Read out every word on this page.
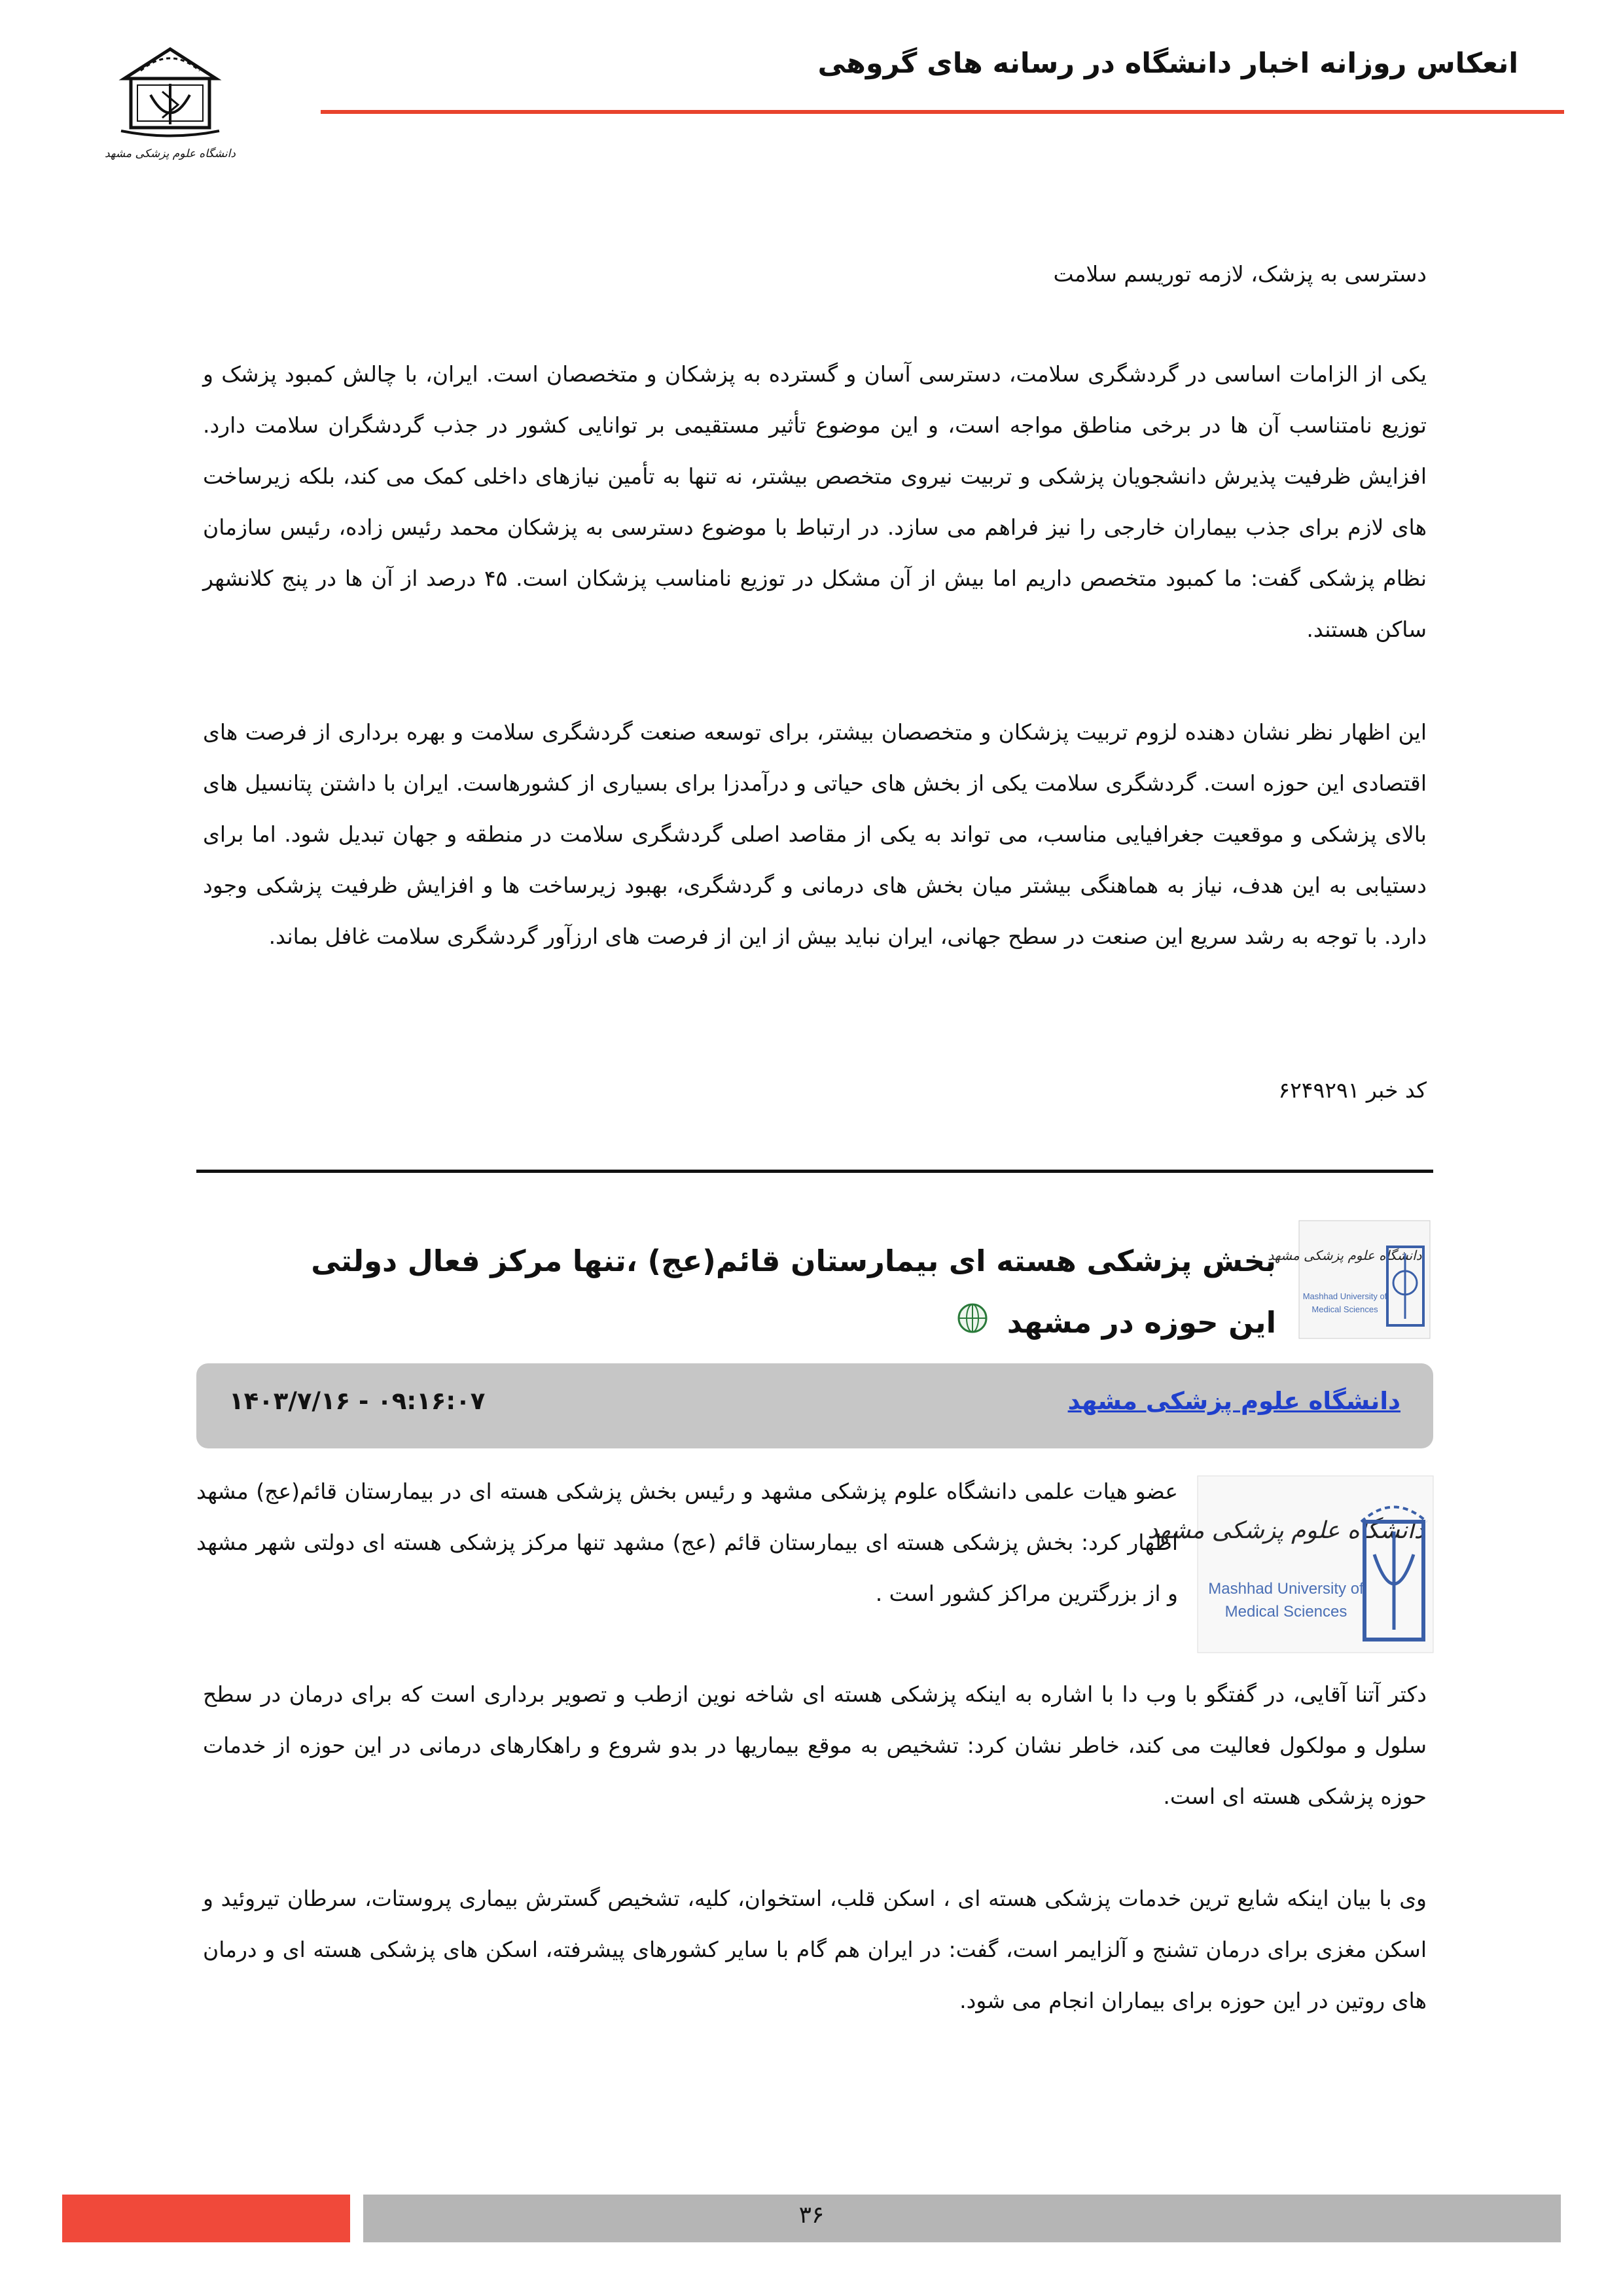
انعکاس روزانه اخبار دانشگاه در رسانه های گروهی
دانشگاه علوم پزشکی مشهد
دسترسی به پزشک، لازمه توریسم سلامت
یکی از الزامات اساسی در گردشگری سلامت، دسترسی آسان و گسترده به پزشکان و متخصصان است. ایران، با چالش کمبود پزشک و توزیع نامتناسب آن ها در برخی مناطق مواجه است، و این موضوع تأثیر مستقیمی بر توانایی کشور در جذب گردشگران سلامت دارد. افزایش ظرفیت پذیرش دانشجویان پزشکی و تربیت نیروی متخصص بیشتر، نه تنها به تأمین نیازهای داخلی کمک می کند، بلکه زیرساخت های لازم برای جذب بیماران خارجی را نیز فراهم می سازد. در ارتباط با موضوع دسترسی به پزشکان محمد رئیس زاده، رئیس سازمان نظام پزشکی گفت: ما کمبود متخصص داریم اما بیش از آن مشکل در توزیع نامناسب پزشکان است. ۴۵ درصد از آن ها در پنج کلانشهر ساکن هستند.
این اظهار نظر نشان دهنده لزوم تربیت پزشکان و متخصصان بیشتر، برای توسعه صنعت گردشگری سلامت و بهره برداری از فرصت های اقتصادی این حوزه است. گردشگری سلامت یکی از بخش های حیاتی و درآمدزا برای بسیاری از کشورهاست. ایران با داشتن پتانسیل های بالای پزشکی و موقعیت جغرافیایی مناسب، می تواند به یکی از مقاصد اصلی گردشگری سلامت در منطقه و جهان تبدیل شود. اما برای دستیابی به این هدف، نیاز به هماهنگی بیشتر میان بخش های درمانی و گردشگری، بهبود زیرساخت ها و افزایش ظرفیت پزشکی وجود دارد. با توجه به رشد سریع این صنعت در سطح جهانی، ایران نباید بیش از این از فرصت های ارزآور گردشگری سلامت غافل بماند.
کد خبر ۶۲۴۹۲۹۱
دانشگاه علوم پزشکی مشهد
Mashhad University of
Medical Sciences
بخش پزشکی هسته ای بیمارستان قائم(عج) ،تنها مرکز فعال دولتی این حوزه در مشهد
دانشگاه علوم پزشکی مشهد
۱۴۰۳/۷/۱۶ - ۰۹:۱۶:۰۷
دانشگاه علوم پزشکی مشهد
Mashhad University of
Medical Sciences
عضو هیات علمی دانشگاه علوم پزشکی مشهد و رئیس بخش پزشکی هسته ای در بیمارستان قائم(عج) مشهد اظهار کرد: بخش پزشکی هسته ای بیمارستان قائم (عج) مشهد تنها مرکز پزشکی هسته ای دولتی شهر مشهد و از بزرگترین مراکز کشور است .
دکتر آتنا آقایی، در گفتگو با وب دا با اشاره به اینکه پزشکی هسته ای شاخه نوین ازطب و تصویر برداری است که برای درمان در سطح سلول و مولکول فعالیت می کند، خاطر نشان کرد: تشخیص به موقع بیماریها در بدو شروع و راهکارهای درمانی در این حوزه از خدمات حوزه پزشکی هسته ای است.
وی با بیان اینکه شایع ترین خدمات پزشکی هسته ای ، اسکن قلب، استخوان، کلیه، تشخیص گسترش بیماری پروستات، سرطان تیروئید و اسکن مغزی برای درمان تشنج و آلزایمر است، گفت: در ایران هم گام با سایر کشورهای پیشرفته، اسکن های پزشکی هسته ای و درمان های روتین در این حوزه برای بیماران انجام می شود.
۳۶
